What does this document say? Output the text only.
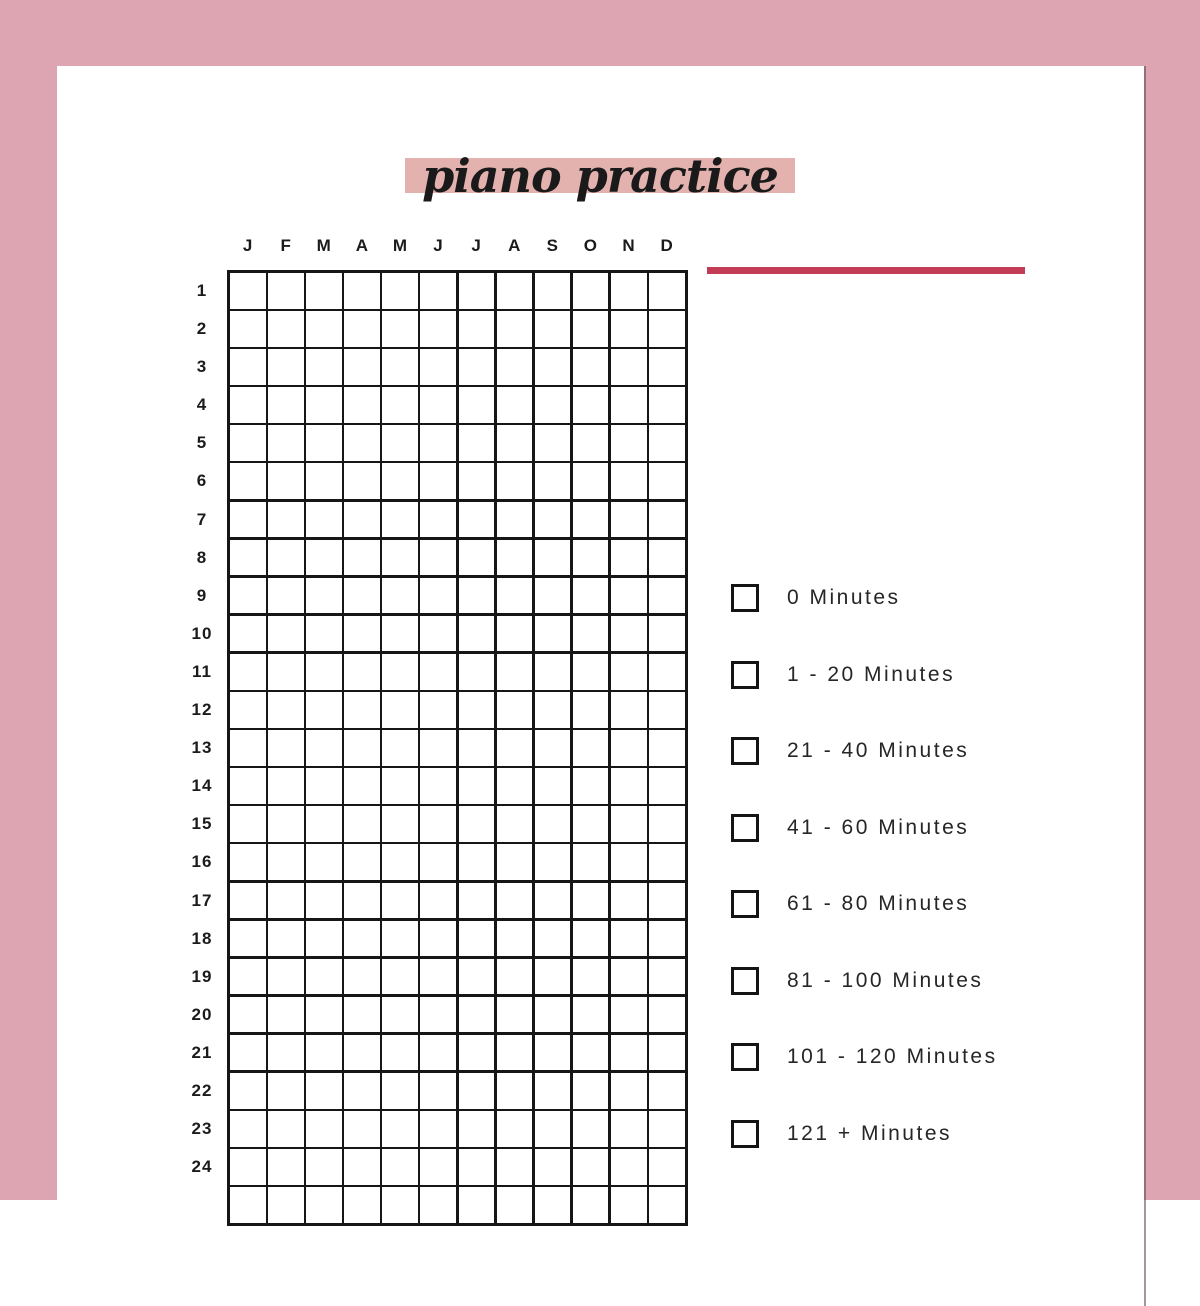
piano practice
J	F	M	A	M	J	J	A	S	O	N	D
1
2
3
4
5
6
7
8
9
10
11
12
13
14
15
16
17
18
19
20
21
22
23
24
0 Minutes
1 - 20 Minutes
21 - 40 Minutes
41 - 60 Minutes
61 - 80 Minutes
81 - 100 Minutes
101 - 120 Minutes
121 + Minutes
